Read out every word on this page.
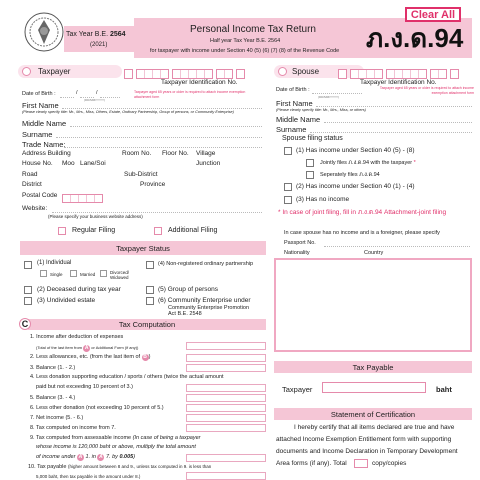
Tax Year B.E. 2564
(2021)
Personal Income Tax Return
Half year Tax Year B.E. 2564
for taxpayer with income under Section 40 (5) (6) (7) (8) of the Revenue Code ภ.ง.ด.94
Clear All
Taxpayer
Taxpayer Identification No.
Date of Birth :	/	/
(DD/MM/YYYY)
Taxpayer aged 65 years or older is required to attach income exemption attachment form
First Name
(Please clearly specify title: Mr., Mrs., Miss, Others, Estate, Ordinary Partnership, Group of persons, or Community Enterprise)
Middle Name
Surname
Trade Name:
Address Building	Room No. Floor No. Village
House No. Moo Lane/Soi	Junction
Road	Sub-District
District	Province
Postal Code
Website:
(Please specify your business website address)
Regular Filing	Additional Filing
Taxpayer Status
(1) Individual
Single	Married	Divorced/ Widowed
(4) Non-registered ordinary partnership
(2) Deceased during tax year	(5) Group of persons
(3) Undivided estate	(6) Community Enterprise under
Community Enterprise Promotion
Act B.E. 2548
Tax Computation
C
1. Income after deduction of expenses
(Total of the last item from A or Additional Form (if any))
2. Less allowances, etc. (from the last item of B )
3. Balance (1. - 2.)
4. Less donation supporting education / sports / others (twice the actual amount
paid but not exceeding 10 percent of 3.)
5. Balance (3. - 4.)
6. Less other donation (not exceeding 10 percent of 5.)
7. Net income (5. - 6.)
8. Tax computed on income from 7.
9. Tax computed from assessable income (In case of being a taxpayer
whose income is 120,000 baht or above, multiply the total amount
of income under A 1. in A 7. by 0.005)
10. Tax payable (higher amount between 8 and 9., unless tax computed in 9. is less than
5,000 baht, then tax payable is the amount under 8.)
Spouse
Taxpayer Identification No.
Date of Birth :
(DD/MM/YYYY)
Taxpayer aged 65 years or older is required to attach income exemption attachment form
First Name
(Please clearly specify title: Mr., Mrs., Miss, or others)
Middle Name
Surname
Spouse filing status
(1) Has income under Section 40 (5) - (8)
Jointly files ภ.ง.ด.94 with the taxpayer *
Seperately files ภ.ง.ด.94
(2) Has income under Section 40 (1) - (4)
(3) Has no income
* In case of joint filing, fill in ภ.ง.ด.94 Attachment-joint filing
In case spouse has no income and is a foreigner, please specify
Passport No.
Nationality	Country
Tax Payable
Taxpayer	baht
Statement of Certification
I hereby certify that all items declared are true and have
attached Income Exemption Entitlement form with supporting
documents and Income Declaration in Temporary Development
Area forms (if any). Total	copy/copies
